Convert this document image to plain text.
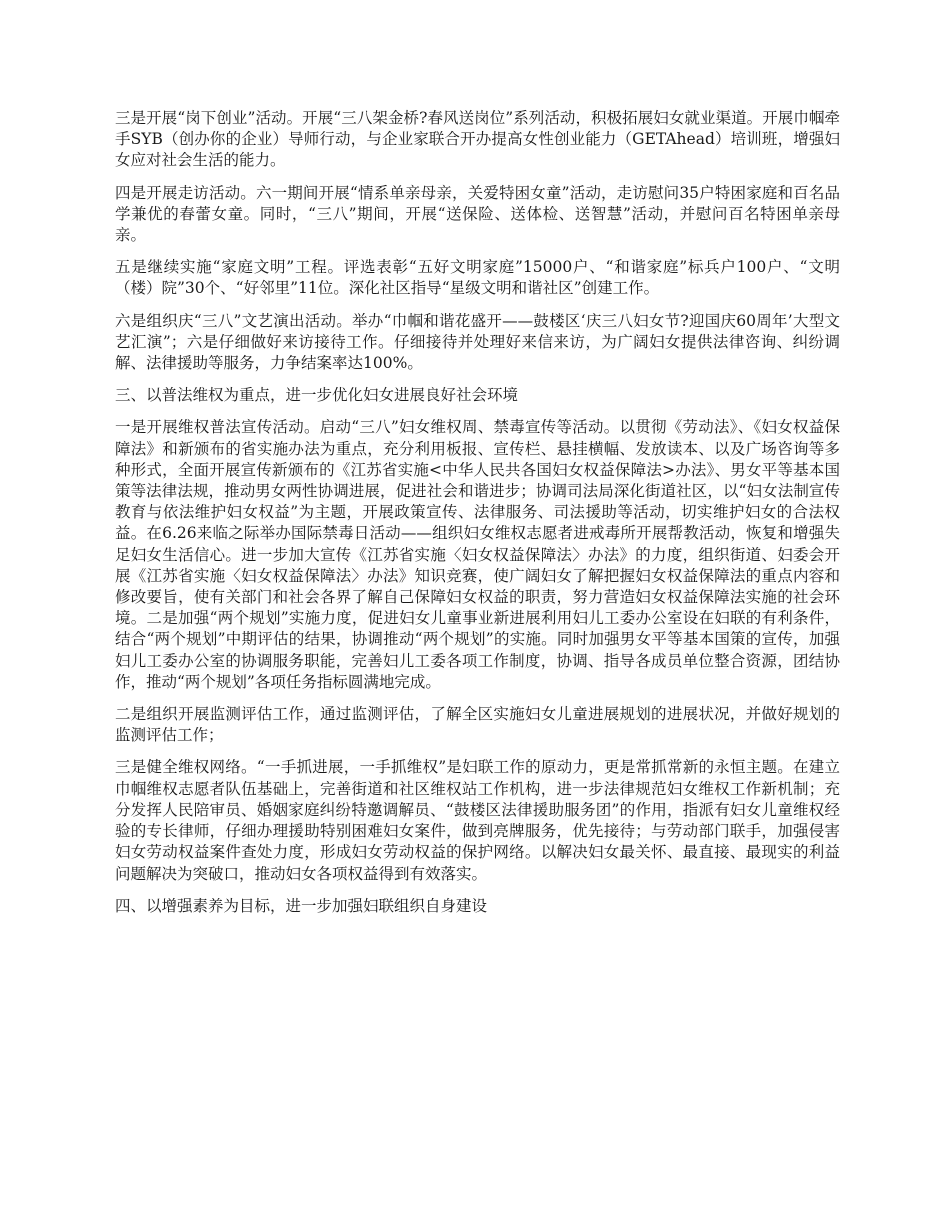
三是开展“岗下创业”活动。开展“三八架金桥?春风送岗位”系列活动，积极拓展妇女就业渠道。开展巾帼牵手SYB（创办你的企业）导师行动，与企业家联合开办提高女性创业能力（GETAhead）培训班，增强妇女应对社会生活的能力。

四是开展走访活动。六一期间开展“情系单亲母亲，关爱特困女童”活动，走访慰问35户特困家庭和百名品学兼优的春蕾女童。同时，“三八”期间，开展“送保险、送体检、送智慧”活动，并慰问百名特困单亲母亲。

五是继续实施“家庭文明”工程。评选表彰“五好文明家庭”15000户、“和谐家庭”标兵户100户、“文明（楼）院”30个、“好邻里”11位。深化社区指导“星级文明和谐社区”创建工作。

六是组织庆“三八”文艺演出活动。举办“巾帼和谐花盛开——鼓楼区‘庆三八妇女节?迎国庆60周年’大型文艺汇演”；六是仔细做好来访接待工作。仔细接待并处理好来信来访，为广阔妇女提供法律咨询、纠纷调解、法律援助等服务，力争结案率达100%。

三、以普法维权为重点，进一步优化妇女进展良好社会环境

一是开展维权普法宣传活动。启动“三八”妇女维权周、禁毒宣传等活动。以贯彻《劳动法》、《妇女权益保障法》和新颁布的省实施办法为重点，充分利用板报、宣传栏、悬挂横幅、发放读本、以及广场咨询等多种形式，全面开展宣传新颁布的《江苏省实施<中华人民共各国妇女权益保障法>办法》、男女平等基本国策等法律法规，推动男女两性协调进展，促进社会和谐进步；协调司法局深化街道社区，以“妇女法制宣传教育与依法维护妇女权益”为主题，开展政策宣传、法律服务、司法援助等活动，切实维护妇女的合法权益。在6.26来临之际举办国际禁毒日活动——组织妇女维权志愿者进戒毒所开展帮教活动，恢复和增强失足妇女生活信心。进一步加大宣传《江苏省实施〈妇女权益保障法〉办法》的力度，组织街道、妇委会开展《江苏省实施〈妇女权益保障法〉办法》知识竞赛，使广阔妇女了解把握妇女权益保障法的重点内容和修改要旨，使有关部门和社会各界了解自己保障妇女权益的职责，努力营造妇女权益保障法实施的社会环境。二是加强“两个规划”实施力度，促进妇女儿童事业新进展利用妇儿工委办公室设在妇联的有利条件，结合“两个规划”中期评估的结果，协调推动“两个规划”的实施。同时加强男女平等基本国策的宣传，加强妇儿工委办公室的协调服务职能，完善妇儿工委各项工作制度，协调、指导各成员单位整合资源，团结协作，推动“两个规划”各项任务指标圆满地完成。

二是组织开展监测评估工作，通过监测评估，了解全区实施妇女儿童进展规划的进展状况，并做好规划的监测评估工作；

三是健全维权网络。“一手抓进展，一手抓维权”是妇联工作的原动力，更是常抓常新的永恒主题。在建立巾帼维权志愿者队伍基础上，完善街道和社区维权站工作机构，进一步法律规范妇女维权工作新机制；充分发挥人民陪审员、婚姻家庭纠纷特邀调解员、“鼓楼区法律援助服务团”的作用，指派有妇女儿童维权经验的专长律师，仔细办理援助特别困难妇女案件，做到亮牌服务，优先接待；与劳动部门联手，加强侵害妇女劳动权益案件查处力度，形成妇女劳动权益的保护网络。以解决妇女最关怀、最直接、最现实的利益问题解决为突破口，推动妇女各项权益得到有效落实。

四、以增强素养为目标，进一步加强妇联组织自身建设
